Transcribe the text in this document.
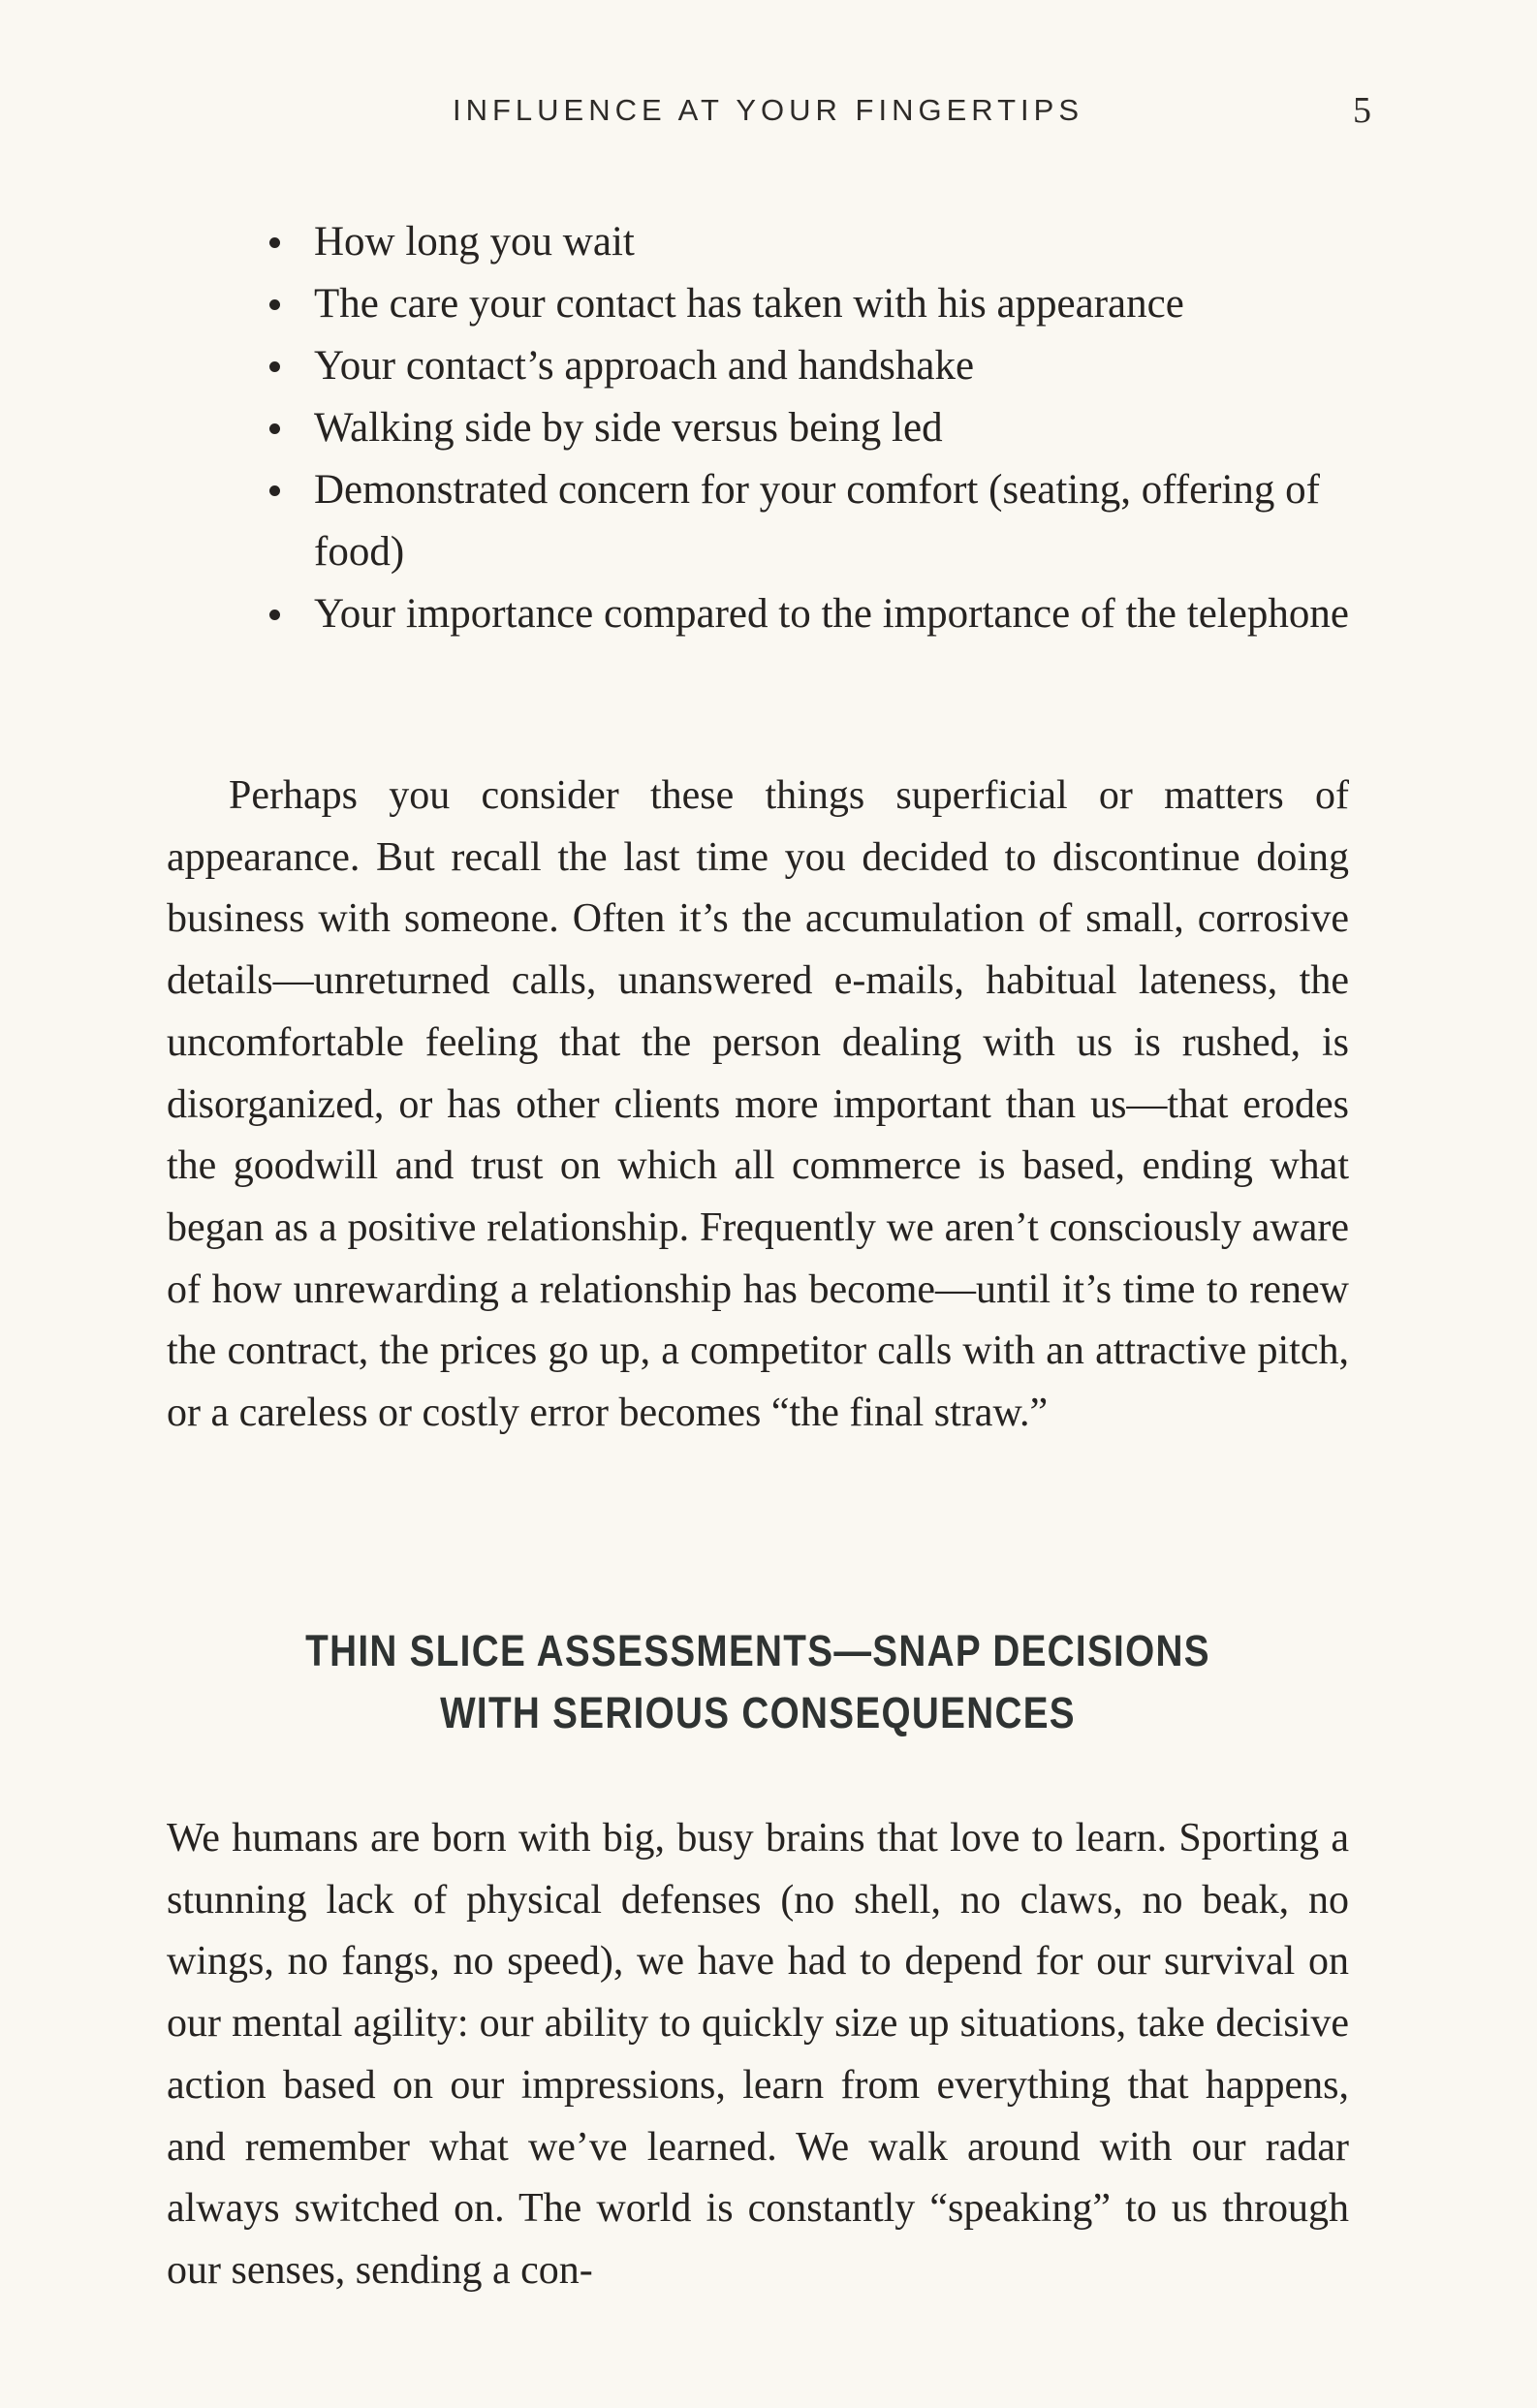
INFLUENCE AT YOUR FINGERTIPS	5
How long you wait
The care your contact has taken with his appearance
Your contact’s approach and handshake
Walking side by side versus being led
Demonstrated concern for your comfort (seating, offering of food)
Your importance compared to the importance of the telephone

Perhaps you consider these things superficial or matters of appearance. But recall the last time you decided to discontinue doing business with someone. Often it’s the accumulation of small, corrosive details—unreturned calls, unanswered e-mails, habitual lateness, the uncomfortable feeling that the person dealing with us is rushed, is disorganized, or has other clients more important than us—that erodes the goodwill and trust on which all commerce is based, ending what began as a positive relationship. Frequently we aren’t consciously aware of how unrewarding a relationship has become—until it’s time to renew the contract, the prices go up, a competitor calls with an attractive pitch, or a careless or costly error becomes “the final straw.”

THIN SLICE ASSESSMENTS—SNAP DECISIONS WITH SERIOUS CONSEQUENCES

We humans are born with big, busy brains that love to learn. Sporting a stunning lack of physical defenses (no shell, no claws, no beak, no wings, no fangs, no speed), we have had to depend for our survival on our mental agility: our ability to quickly size up situations, take decisive action based on our impressions, learn from everything that happens, and remember what we’ve learned. We walk around with our radar always switched on. The world is constantly “speaking” to us through our senses, sending a con-
